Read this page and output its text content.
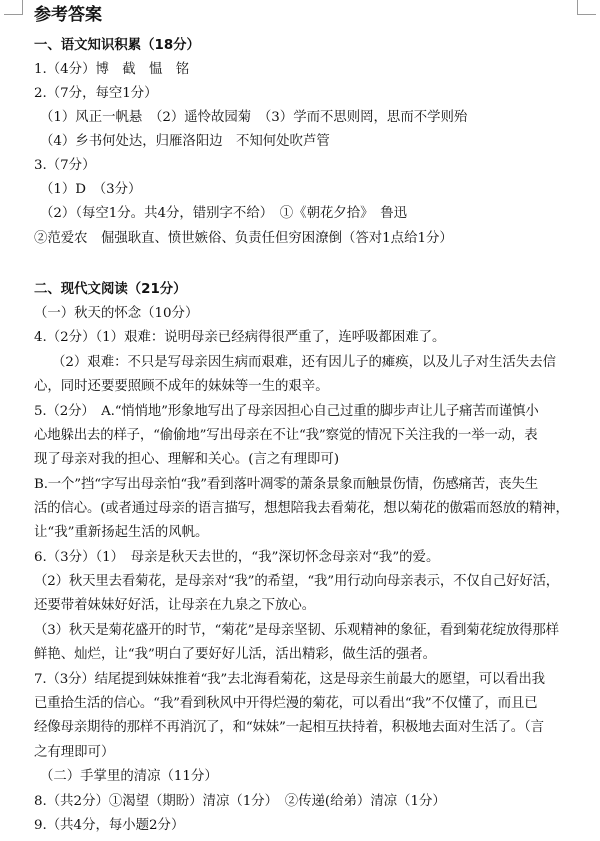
参考答案
一、语文知识积累（18分）
1.（4分）博　截　愠　铭
2.（7分，每空1分）
（1）风正一帆悬　（2）遥怜故园菊　（3）学而不思则罔，思而不学则殆
（4）乡书何处达，归雁洛阳边　不知何处吹芦管
3.（7分）
（1）D　（3分）
（2）（每空1分。共4分，错别字不给）　①《朝花夕拾》　鲁迅
②范爱农　倔强耿直、愤世嫉俗、负责任但穷困潦倒（答对1点给1分）
二、现代文阅读（21分）
（一）秋天的怀念（10分）
4.（2分）（1）艰难：说明母亲已经病得很严重了，连呼吸都困难了。
（2）艰难：不只是写母亲因生病而艰难，还有因儿子的瘫痪，以及儿子对生活失去信
心，同时还要要照顾不成年的妹妹等一生的艰辛。
5.（2分）　A.“悄悄地”形象地写出了母亲因担心自己过重的脚步声让儿子痛苦而谨慎小
心地躲出去的样子，“偷偷地”写出母亲在不让“我”察觉的情况下关注我的一举一动，表
现了母亲对我的担心、理解和关心。(言之有理即可)
B.一个”挡“字写出母亲怕“我”看到落叶凋零的萧条景象而触景伤情，伤感痛苦，丧失生
活的信心。(或者通过母亲的语言描写，想想陪我去看菊花，想以菊花的傲霜而怒放的精神，
让“我”重新扬起生活的风帆。
6.（3分）（1）　母亲是秋天去世的，“我”深切怀念母亲对“我”的爱。
（2）秋天里去看菊花，是母亲对“我”的希望，“我”用行动向母亲表示，不仅自己好好活，
还要带着妹妹好好活，让母亲在九泉之下放心。
（3）秋天是菊花盛开的时节，“菊花”是母亲坚韧、乐观精神的象征，看到菊花绽放得那样
鲜艳、灿烂，让“我”明白了要好好儿活，活出精彩，做生活的强者。
7.（3分）结尾提到妹妹推着“我”去北海看菊花，这是母亲生前最大的愿望，可以看出我
已重拾生活的信心。“我”看到秋风中开得烂漫的菊花，可以看出“我”不仅懂了，而且已
经像母亲期待的那样不再消沉了，和“妹妹”一起相互扶持着，积极地去面对生活了。（言
之有理即可）
（二）手掌里的清凉（11分）
8.（共2分）①渴望（期盼）清凉（1分）　②传递(给弟）清凉（1分）
9.（共4分，每小题2分）
